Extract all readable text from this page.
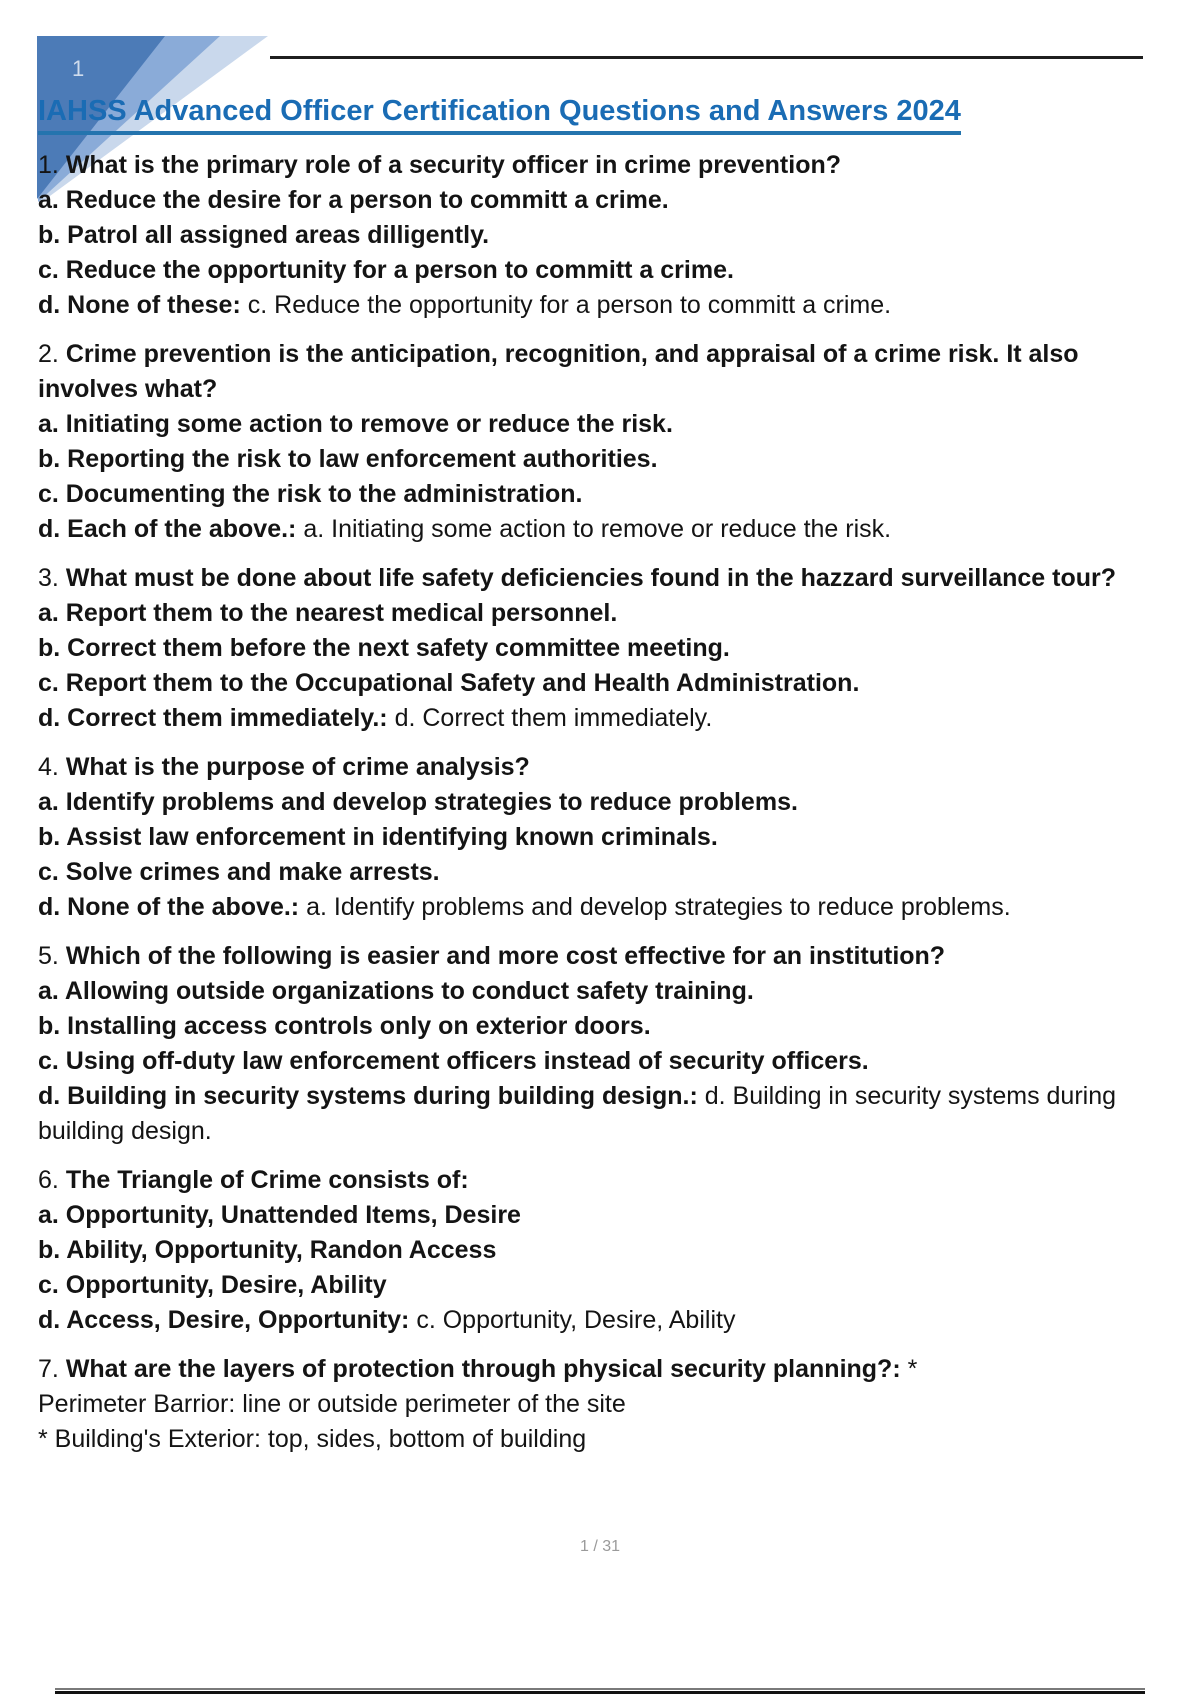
1
IAHSS Advanced Officer Certification Questions and Answers 2024

1. What is the primary role of a security officer in crime prevention?
a. Reduce the desire for a person to committ a crime.
b. Patrol all assigned areas dilligently.
c. Reduce the opportunity for a person to committ a crime.
d. None of these: c. Reduce the opportunity for a person to committ a crime.

2. Crime prevention is the anticipation, recognition, and appraisal of a crime risk. It also involves what?
a. Initiating some action to remove or reduce the risk.
b. Reporting the risk to law enforcement authorities.
c. Documenting the risk to the administration.
d. Each of the above.: a. Initiating some action to remove or reduce the risk.

3. What must be done about life safety deficiencies found in the hazzard surveillance tour?
a. Report them to the nearest medical personnel.
b. Correct them before the next safety committee meeting.
c. Report them to the Occupational Safety and Health Administration.
d. Correct them immediately.: d. Correct them immediately.

4. What is the purpose of crime analysis?
a. Identify problems and develop strategies to reduce problems.
b. Assist law enforcement in identifying known criminals.
c. Solve crimes and make arrests.
d. None of the above.: a. Identify problems and develop strategies to reduce problems.

5. Which of the following is easier and more cost effective for an institution?
a. Allowing outside organizations to conduct safety training.
b. Installing access controls only on exterior doors.
c. Using off-duty law enforcement officers instead of security officers.
d. Building in security systems during building design.: d. Building in security systems during building design.

6. The Triangle of Crime consists of:
a. Opportunity, Unattended Items, Desire
b. Ability, Opportunity, Randon Access
c. Opportunity, Desire, Ability
d. Access, Desire, Opportunity: c. Opportunity, Desire, Ability

7. What are the layers of protection through physical security planning?: *
Perimeter Barrior: line or outside perimeter of the site
* Building's Exterior: top, sides, bottom of building

1 / 31
